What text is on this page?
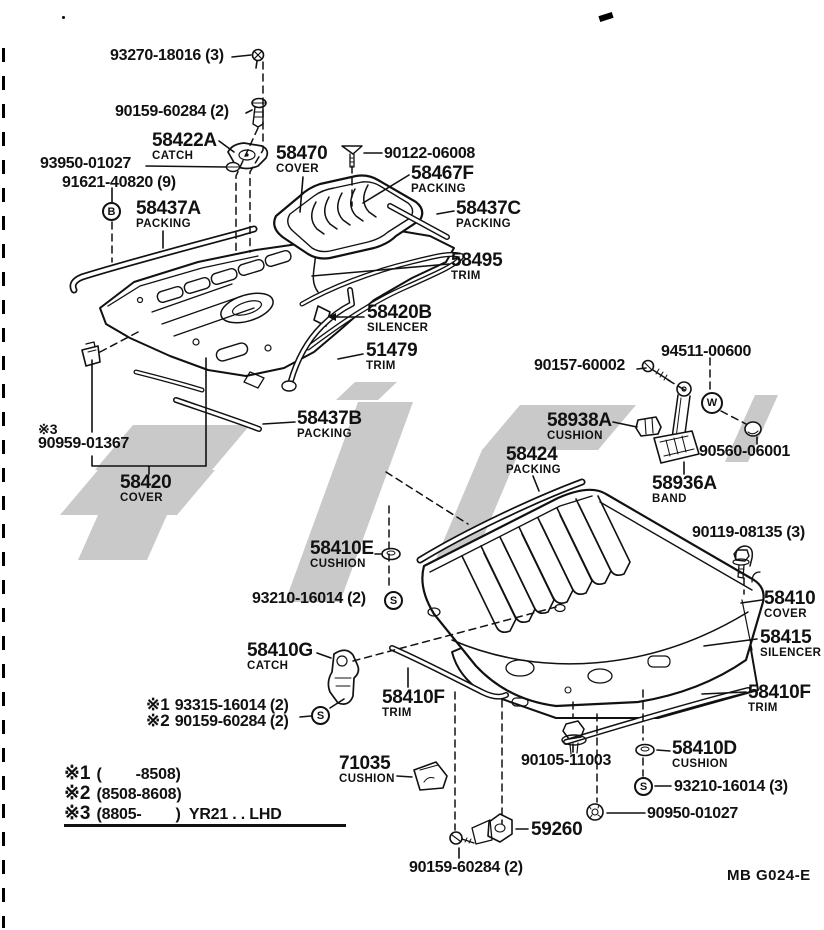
B
W
S
S
S
93270-18016 (3)
90159-60284 (2)
58422A
CATCH	58470
COVER
90122-06008
93950-01027
91621-40820 (9)
58437A
PACKING
58467F
PACKING
58437C
PACKING
58495
TRIM
58420B
SILENCER
51479
TRIM
58437B
PACKING
※3
90959-01367
58420
COVER
90157-60002
94511-00600
58938A
CUSHION
90560-06001
58936A
BAND
58424
PACKING
58410E
CUSHION
93210-16014 (2)
90119-08135 (3)
58410
COVER
58415
SILENCER
58410G
CATCH
※1 93315-16014 (2)
※2 90159-60284 (2)
58410F
TRIM
71035
CUSHION
58410F
TRIM
90105-11003
58410D
CUSHION
93210-16014 (3)
90950-01027
59260
90159-60284 (2)
※1 (        -8508)
※2 (8508-8608)
※3 (8805-        )  YR21 . . LHD
MB G024-E
